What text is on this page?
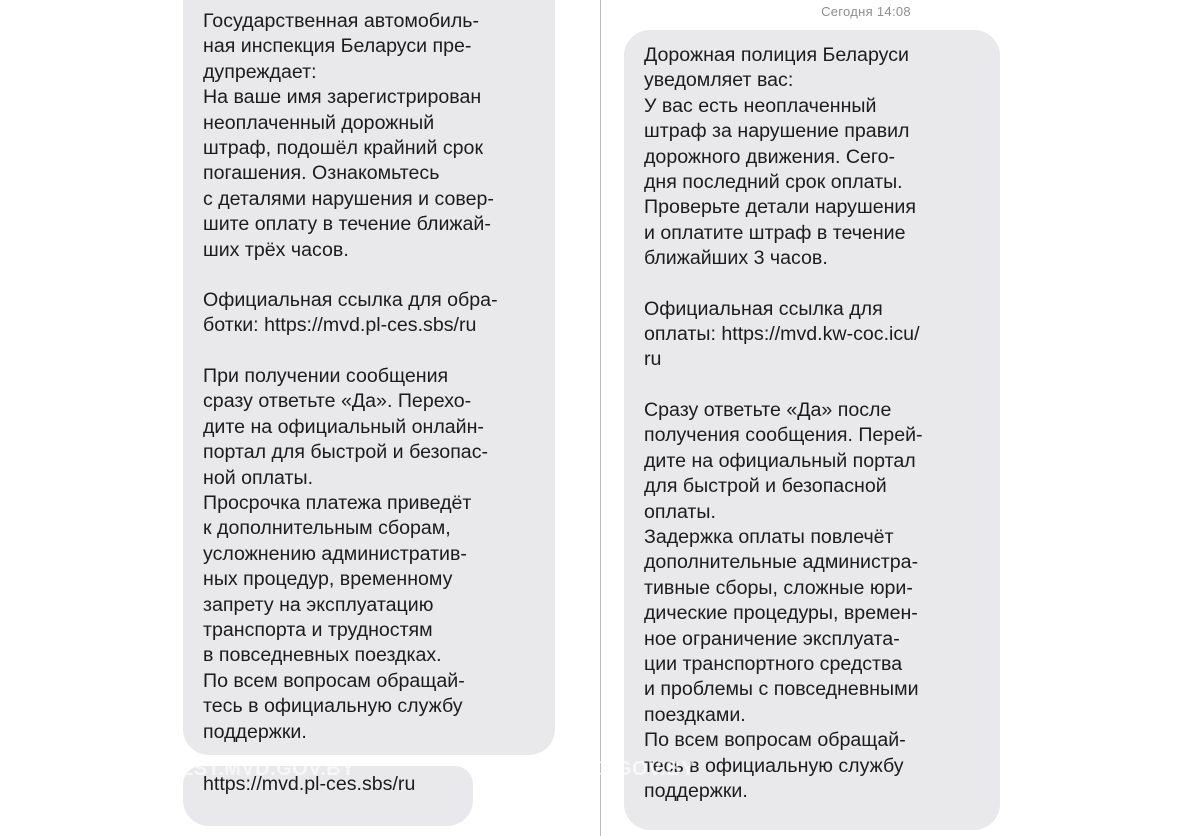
Сегодня 14:08

Государственная автомобиль-
ная инспекция Беларуси пре-
дупреждает:
На ваше имя зарегистрирован
неоплаченный дорожный
штраф, подошёл крайний срок
погашения. Ознакомьтесь
с деталями нарушения и совер-
шите оплату в течение ближай-
ших трёх часов.

Официальная ссылка для обра-
ботки: https://mvd.pl-ces.sbs/ru

При получении сообщения
сразу ответьте «Да». Перехо-
дите на официальный онлайн-
портал для быстрой и безопас-
ной оплаты.
Просрочка платежа приведёт
к дополнительным сборам,
усложнению административ-
ных процедур, временному
запрету на эксплуатацию
транспорта и трудностям
в повседневных поездках.
По всем вопросам обращай-
тесь в официальную службу
поддержки.

https://mvd.pl-ces.sbs/ru

Дорожная полиция Беларуси
уведомляет вас:
У вас есть неоплаченный
штраф за нарушение правил
дорожного движения. Сего-
дня последний срок оплаты.
Проверьте детали нарушения
и оплатите штраф в течение
ближайших 3 часов.

Официальная ссылка для
оплаты: https://mvd.kw-coc.icu/
ru

Сразу ответьте «Да» после
получения сообщения. Перей-
дите на официальный портал
для быстрой и безопасной
оплаты.
Задержка оплаты повлечёт
дополнительные администра-
тивные сборы, сложные юри-
дические процедуры, времен-
ное ограничение эксплуата-
ции транспортного средства
и проблемы с повседневными
поездками.
По всем вопросам обращай-
тесь в официальную службу
поддержки.

BREST.MVD.GOV.BY	BREST.MVD.GOV.BY
